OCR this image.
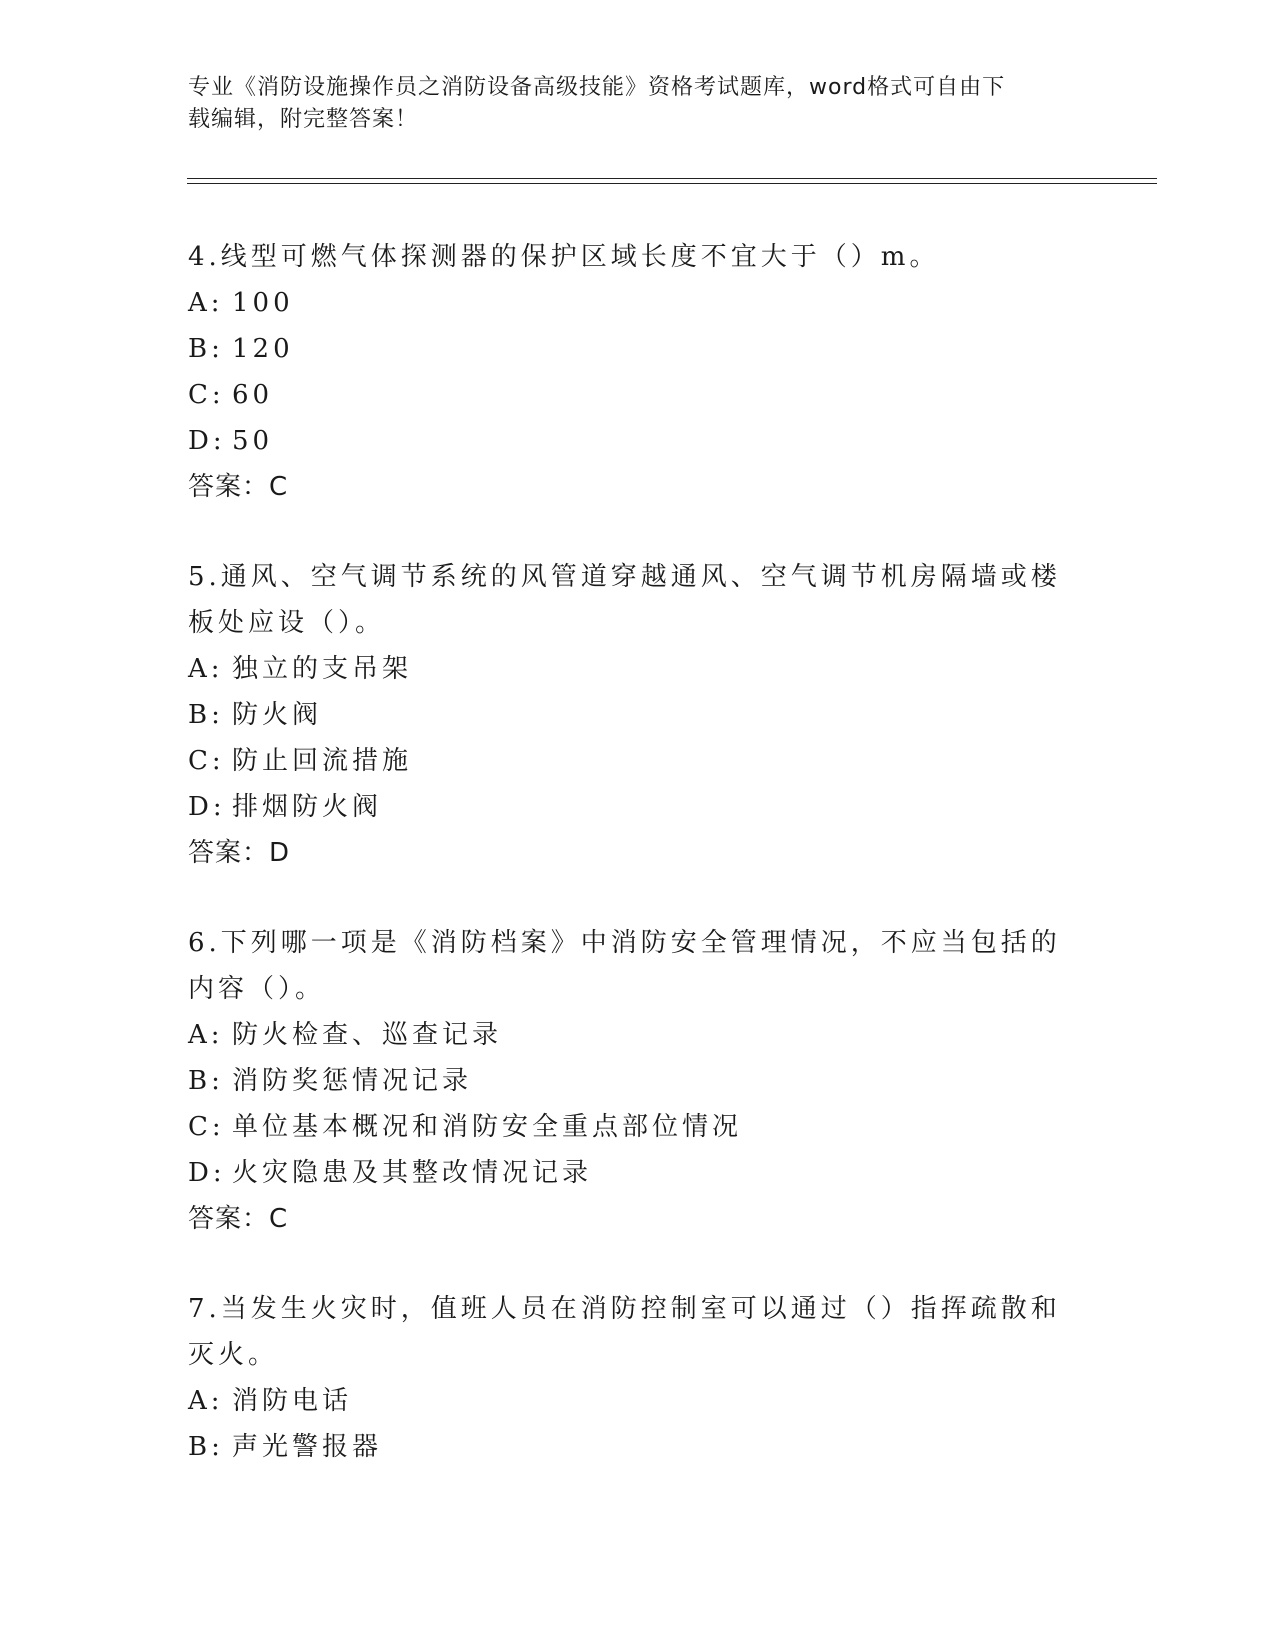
专业《消防设施操作员之消防设备高级技能》资格考试题库，word格式可自由下
载编辑，附完整答案！

4.线型可燃气体探测器的保护区域长度不宜大于（）m。

A: 100
B: 120
C: 60
D: 50
答案：C

5.通风、空气调节系统的风管道穿越通风、空气调节机房隔墙或楼板处应设（）。

A: 独立的支吊架
B: 防火阀
C: 防止回流措施
D: 排烟防火阀
答案：D

6.下列哪一项是《消防档案》中消防安全管理情况，不应当包括的内容（）。

A: 防火检查、巡查记录
B: 消防奖惩情况记录
C: 单位基本概况和消防安全重点部位情况
D: 火灾隐患及其整改情况记录
答案：C

7.当发生火灾时，值班人员在消防控制室可以通过（）指挥疏散和灭火。

A: 消防电话
B: 声光警报器
